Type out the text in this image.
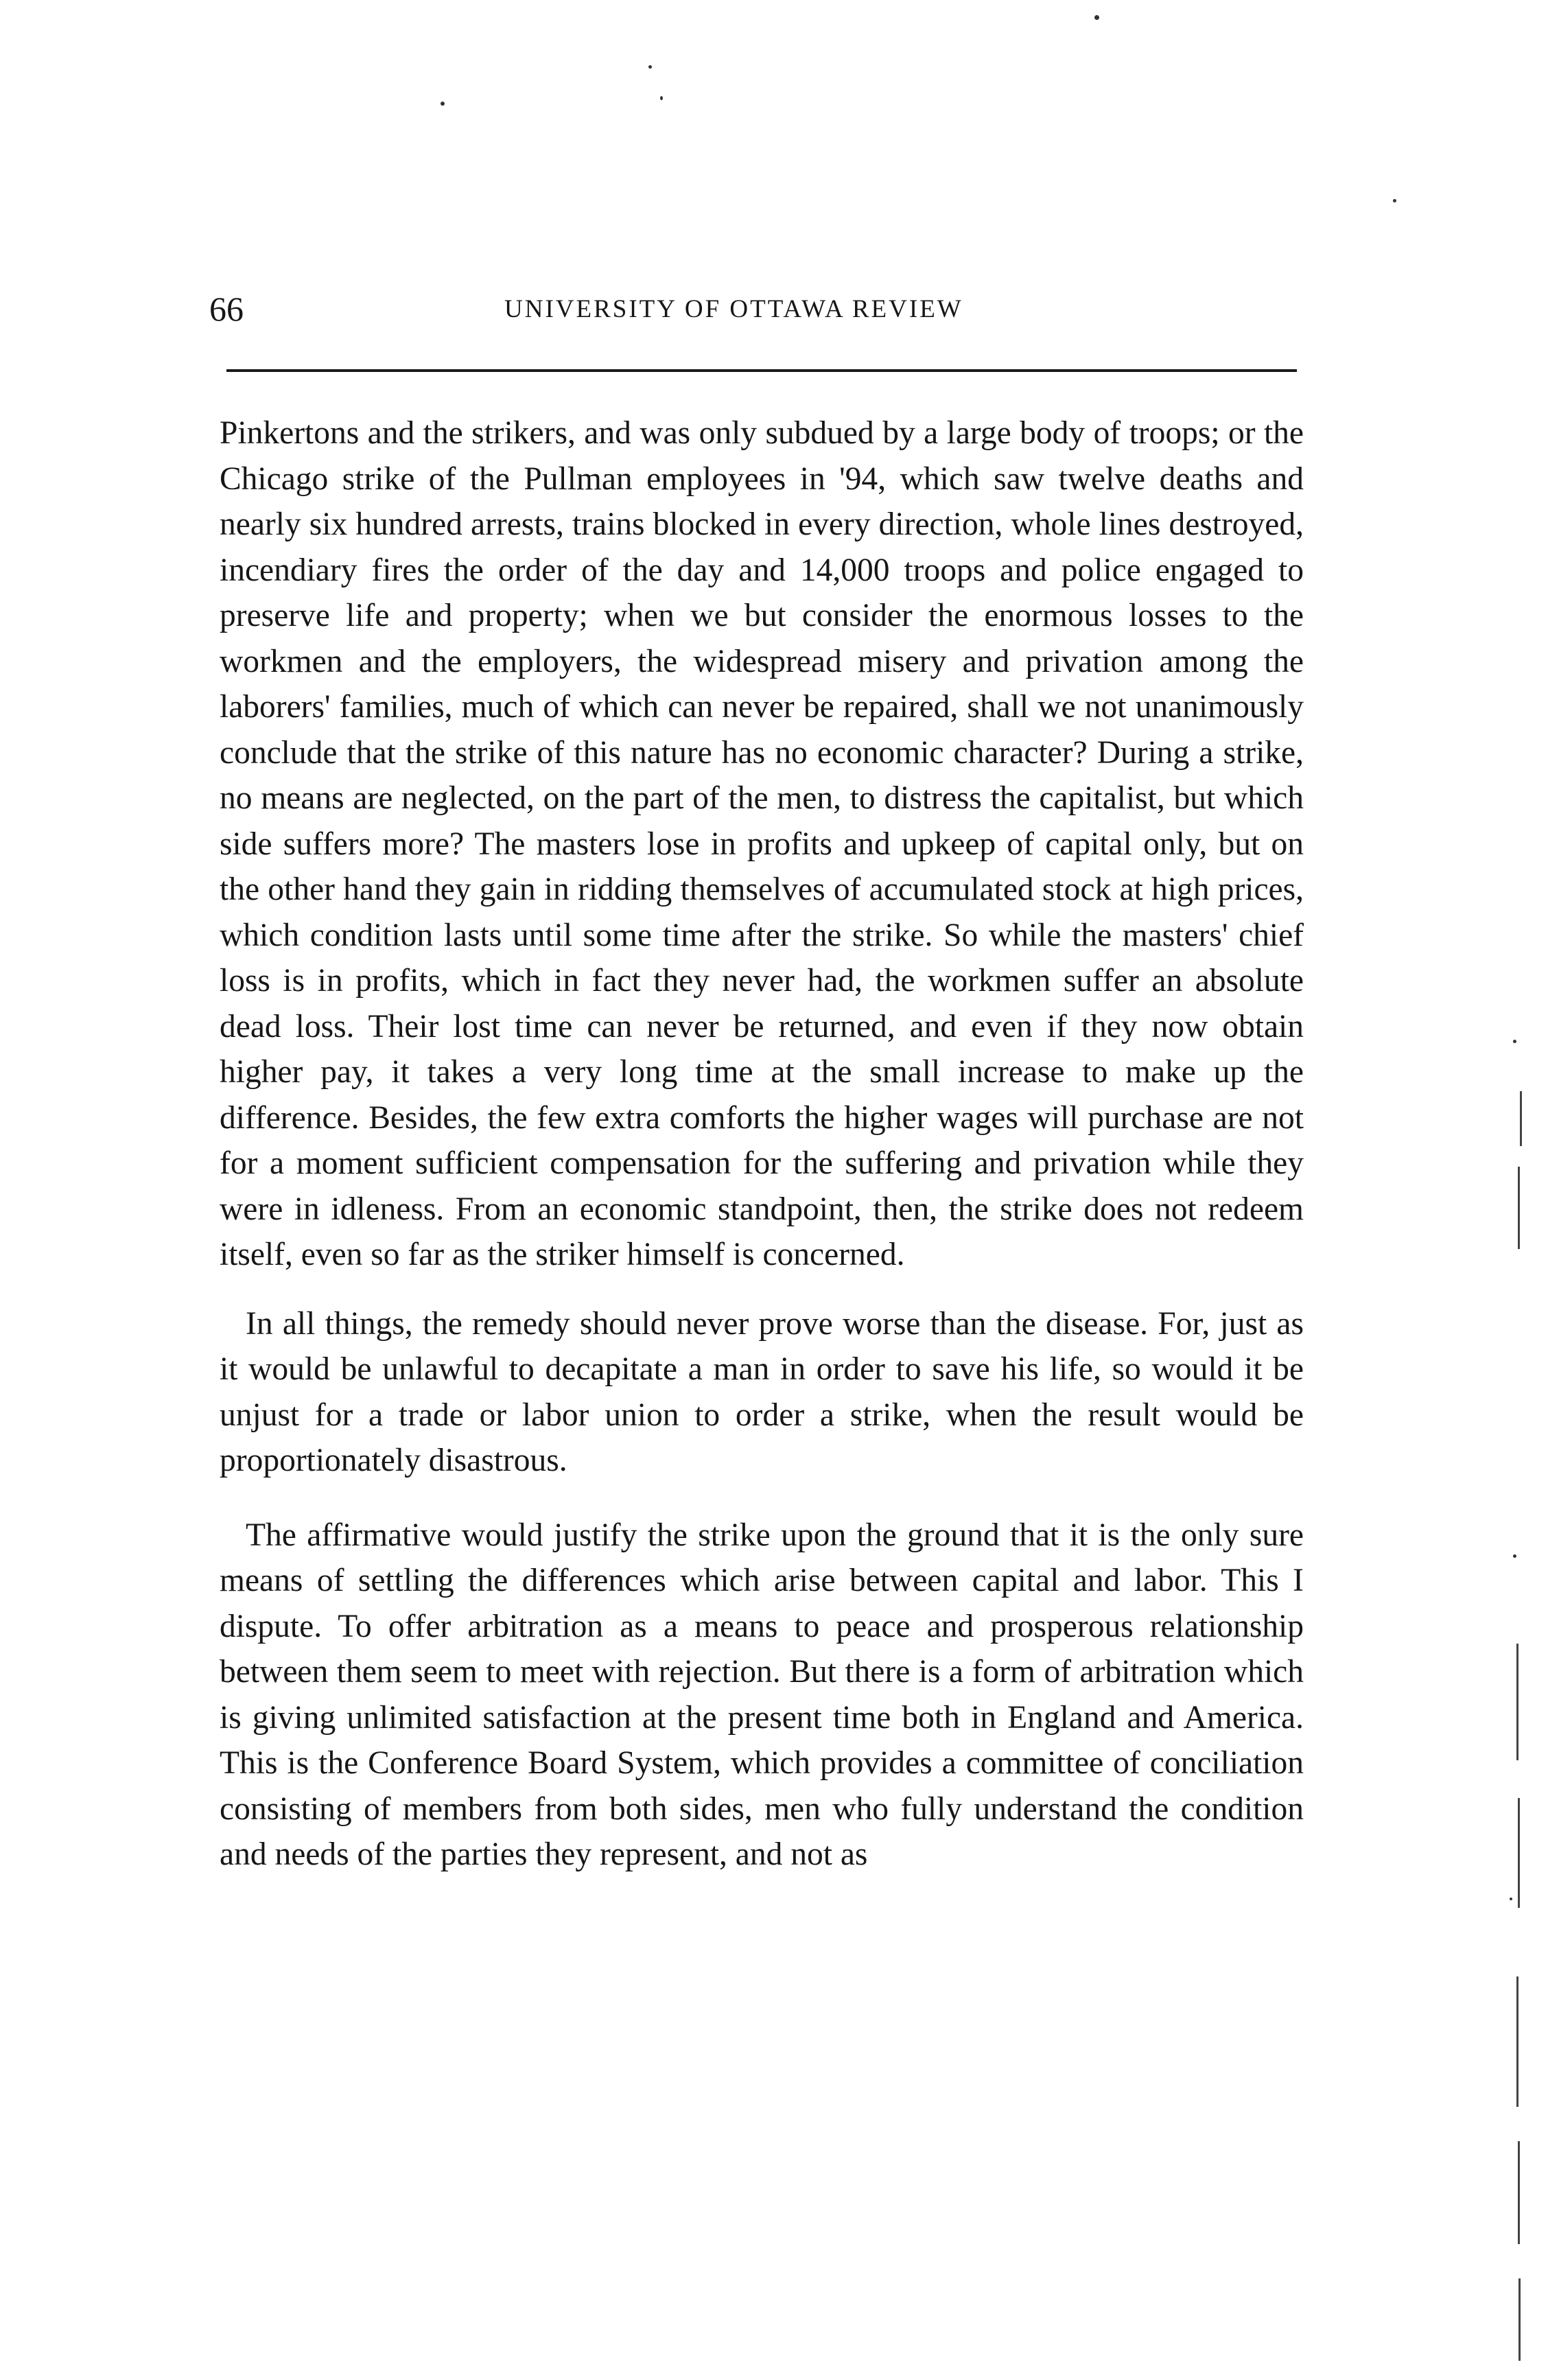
66	UNIVERSITY OF OTTAWA REVIEW

Pinkertons and the strikers, and was only subdued by a large body of troops; or the Chicago strike of the Pullman employees in '94, which saw twelve deaths and nearly six hundred arrests, trains blocked in every direction, whole lines destroyed, incendiary fires the order of the day and 14,000 troops and police engaged to preserve life and property; when we but consider the enormous losses to the workmen and the employers, the widespread misery and privation among the laborers' families, much of which can never be repaired, shall we not unanimously conclude that the strike of this nature has no economic character? During a strike, no means are neglected, on the part of the men, to distress the capitalist, but which side suffers more? The masters lose in profits and upkeep of capital only, but on the other hand they gain in ridding themselves of accumulated stock at high prices, which condition lasts until some time after the strike. So while the masters' chief loss is in profits, which in fact they never had, the workmen suffer an absolute dead loss. Their lost time can never be returned, and even if they now obtain higher pay, it takes a very long time at the small increase to make up the difference. Besides, the few extra comforts the higher wages will purchase are not for a moment sufficient compensation for the suffering and privation while they were in idleness. From an economic standpoint, then, the strike does not redeem itself, even so far as the striker himself is concerned.

In all things, the remedy should never prove worse than the disease. For, just as it would be unlawful to decapitate a man in order to save his life, so would it be unjust for a trade or labor union to order a strike, when the result would be proportionately disastrous.

The affirmative would justify the strike upon the ground that it is the only sure means of settling the differences which arise between capital and labor. This I dispute. To offer arbitration as a means to peace and prosperous relationship between them seem to meet with rejection. But there is a form of arbitration which is giving unlimited satisfaction at the present time both in England and America. This is the Conference Board System, which provides a committee of conciliation consisting of members from both sides, men who fully understand the condition and needs of the parties they represent, and not as
